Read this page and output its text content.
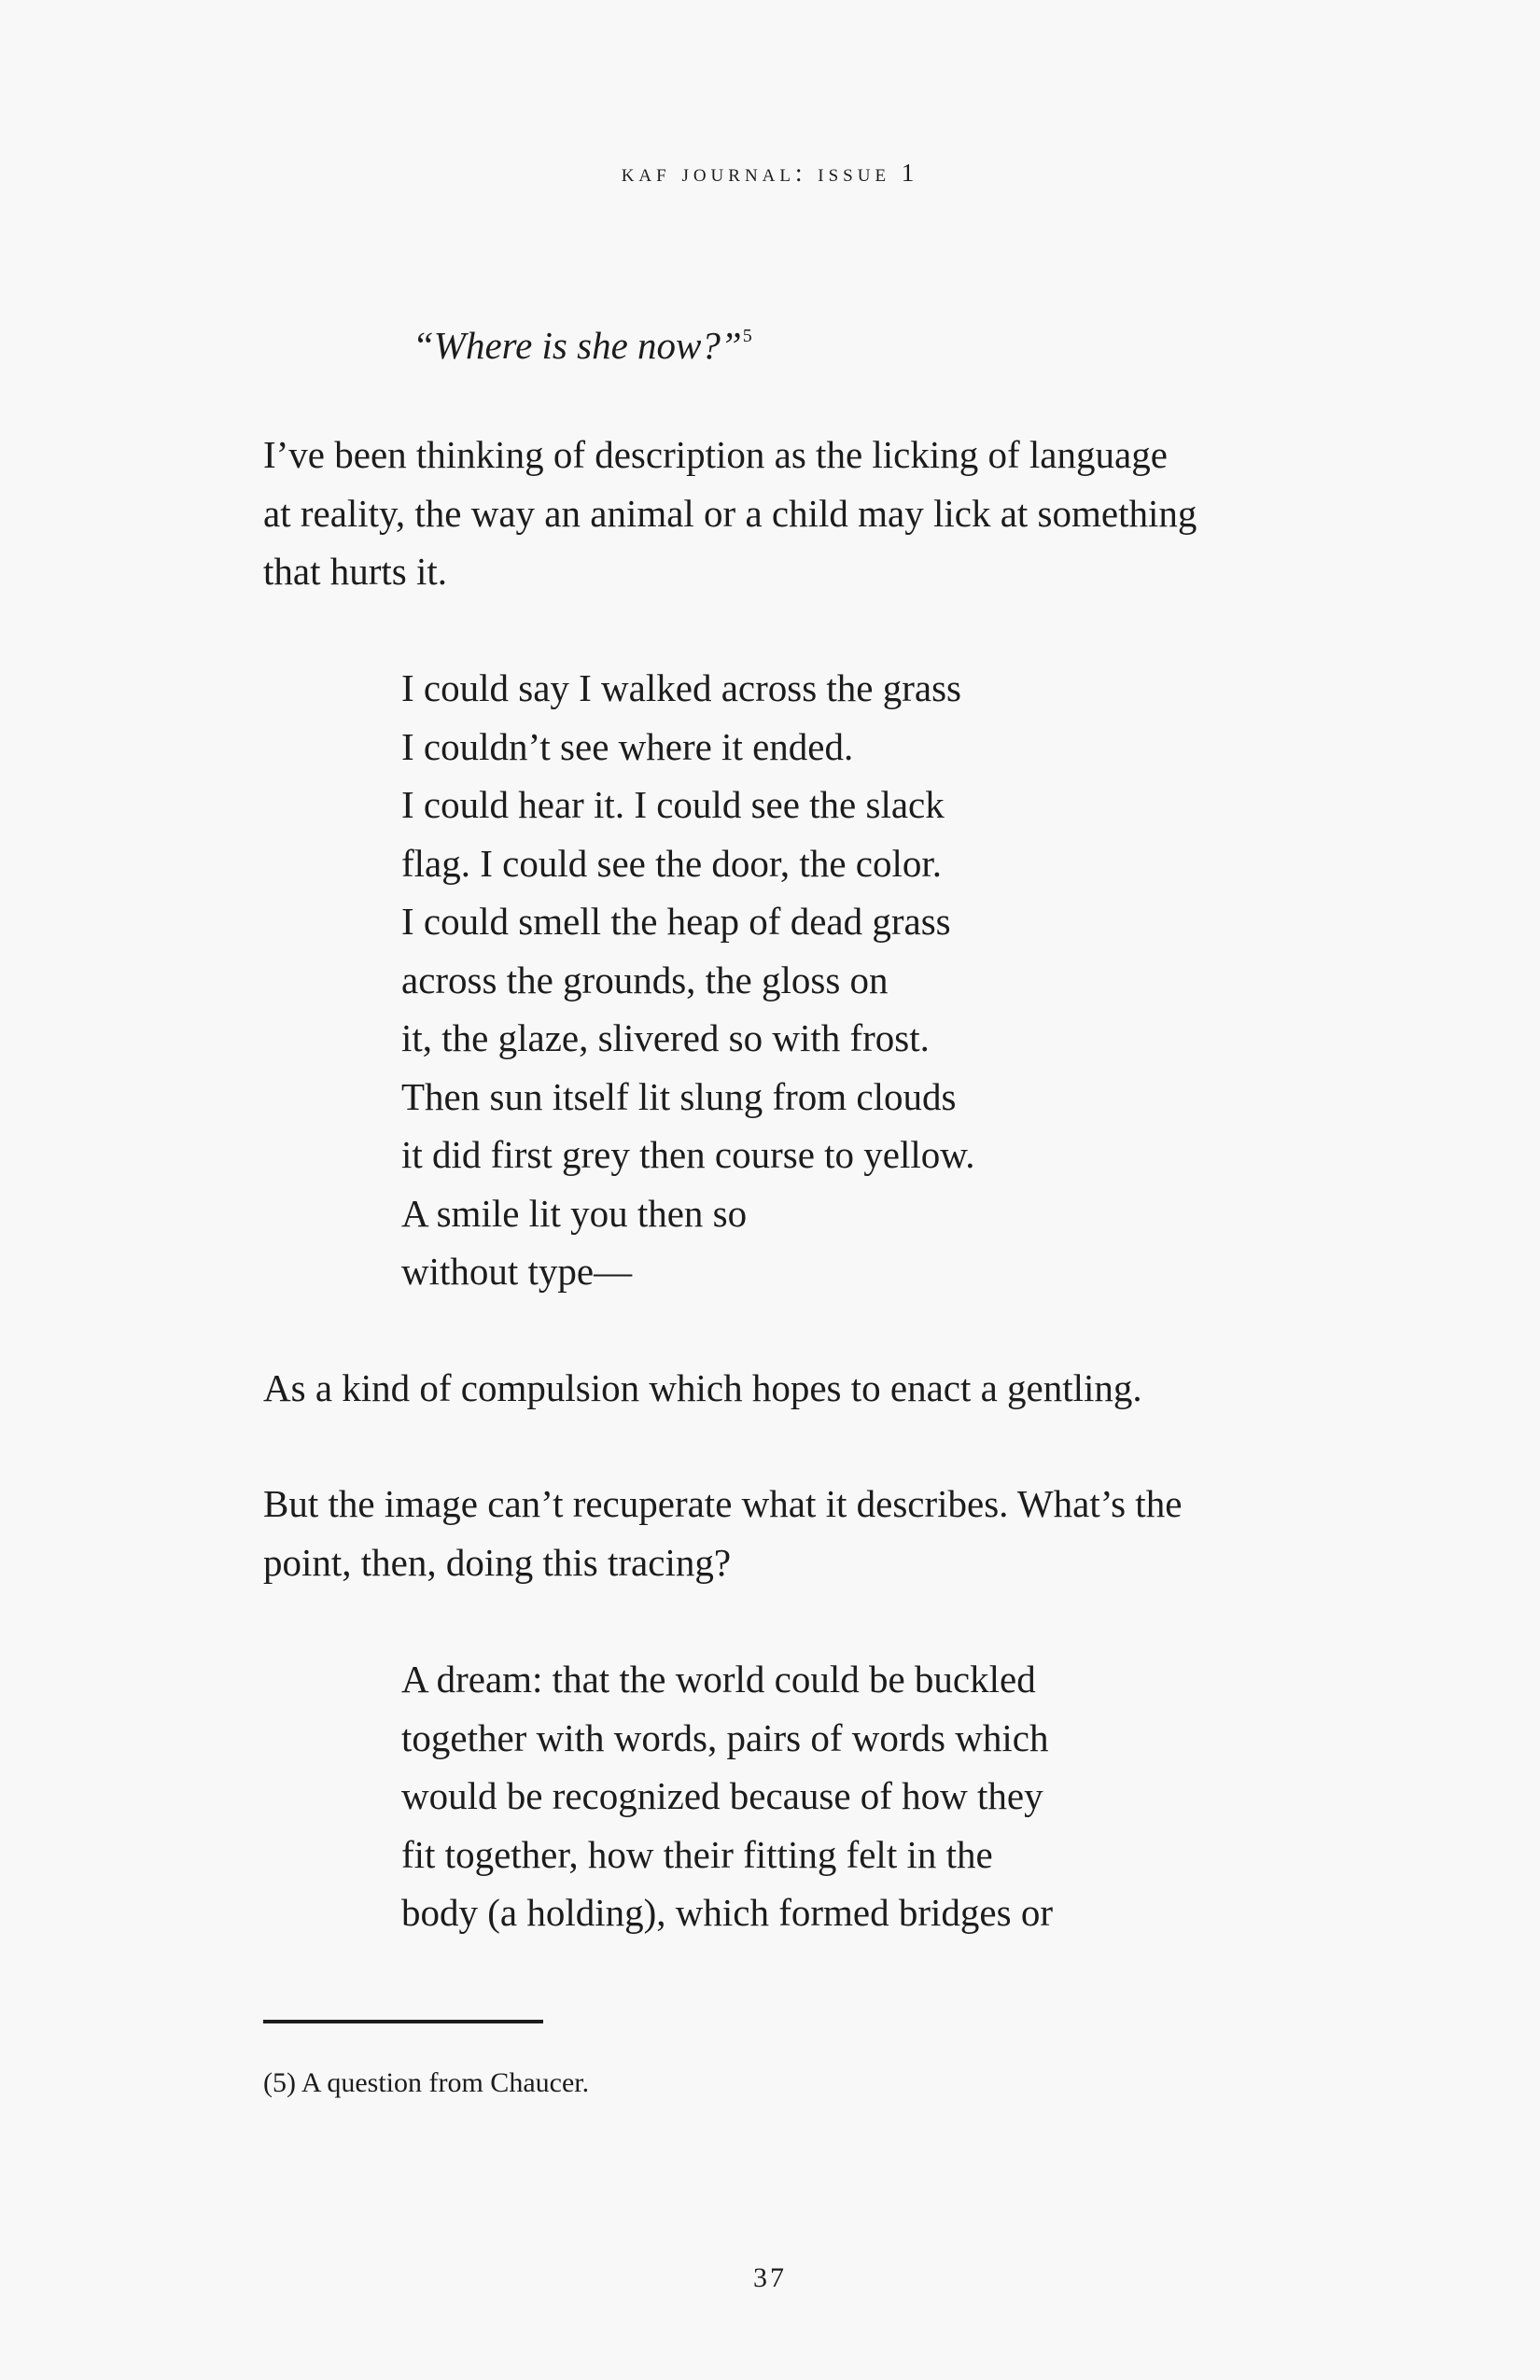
kaf journal: issue 1
“Where is she now?”$^5$
I’ve been thinking of description as the licking of language
at reality, the way an animal or a child may lick at something
that hurts it.
I could say I walked across the grass
I couldn’t see where it ended.
I could hear it. I could see the slack
flag. I could see the door, the color.
I could smell the heap of dead grass
across the grounds, the gloss on
it, the glaze, slivered so with frost.
Then sun itself lit slung from clouds
it did first grey then course to yellow.
A smile lit you then so
without type—
As a kind of compulsion which hopes to enact a gentling.
But the image can’t recuperate what it describes. What’s the
point, then, doing this tracing?
A dream: that the world could be buckled
together with words, pairs of words which
would be recognized because of how they
fit together, how their fitting felt in the
body (a holding), which formed bridges or
(5) A question from Chaucer.
37
